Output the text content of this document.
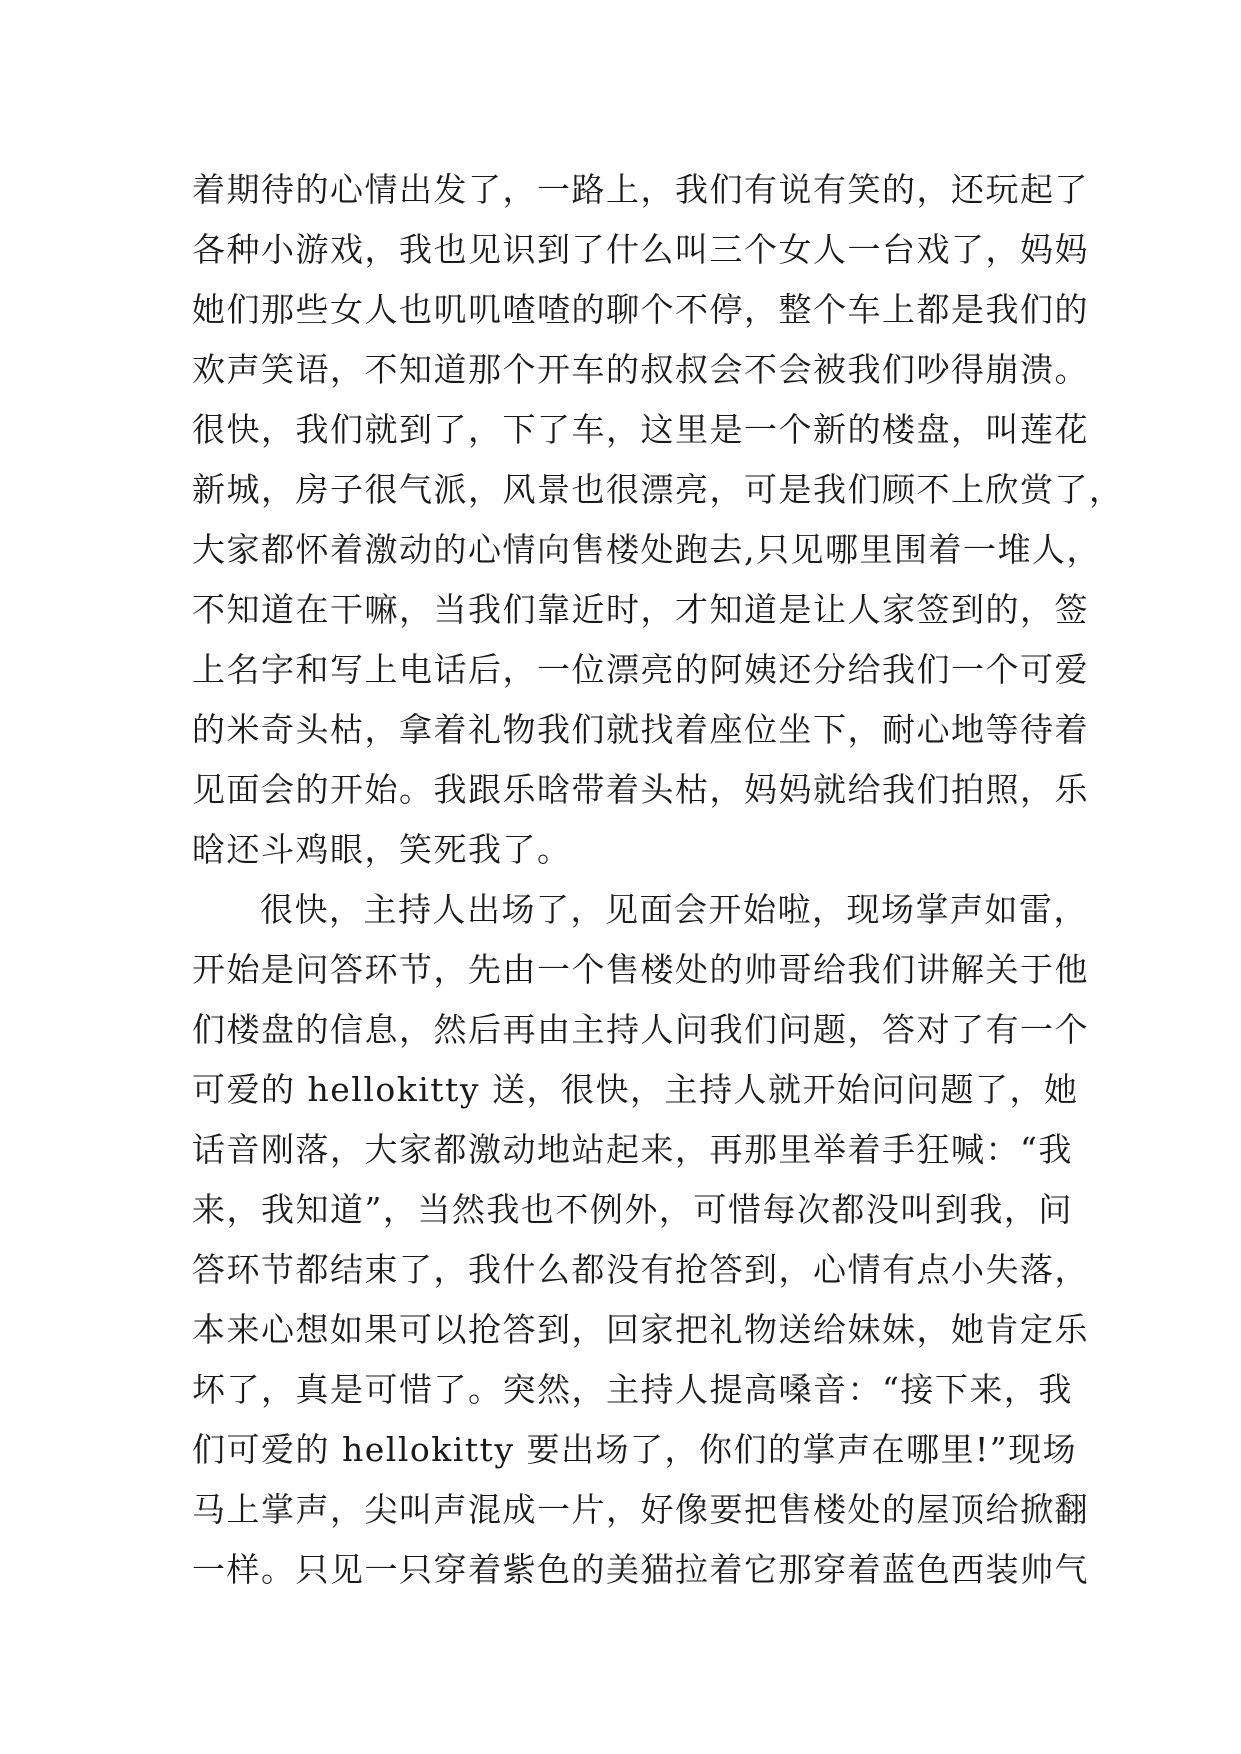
着期待的心情出发了，一路上，我们有说有笑的，还玩起了
各种小游戏，我也见识到了什么叫三个女人一台戏了，妈妈
她们那些女人也叽叽喳喳的聊个不停，整个车上都是我们的
欢声笑语，不知道那个开车的叔叔会不会被我们吵得崩溃。
很快，我们就到了，下了车，这里是一个新的楼盘，叫莲花
新城，房子很气派，风景也很漂亮，可是我们顾不上欣赏了，
大家都怀着激动的心情向售楼处跑去,只见哪里围着一堆人，
不知道在干嘛，当我们靠近时，才知道是让人家签到的，签
上名字和写上电话后，一位漂亮的阿姨还分给我们一个可爱
的米奇头枯，拿着礼物我们就找着座位坐下，耐心地等待着
见面会的开始。我跟乐晗带着头枯，妈妈就给我们拍照，乐
晗还斗鸡眼，笑死我了。
很快，主持人出场了，见面会开始啦，现场掌声如雷，
开始是问答环节，先由一个售楼处的帅哥给我们讲解关于他
们楼盘的信息，然后再由主持人问我们问题，答对了有一个
可爱的 hellokitty 送，很快，主持人就开始问问题了，她
话音刚落，大家都激动地站起来，再那里举着手狂喊：“我
来，我知道”，当然我也不例外，可惜每次都没叫到我，问
答环节都结束了，我什么都没有抢答到，心情有点小失落，
本来心想如果可以抢答到，回家把礼物送给妹妹，她肯定乐
坏了，真是可惜了。突然，主持人提高嗓音：“接下来，我
们可爱的 hellokitty 要出场了，你们的掌声在哪里!”现场
马上掌声，尖叫声混成一片，好像要把售楼处的屋顶给掀翻
一样。只见一只穿着紫色的美猫拉着它那穿着蓝色西装帅气
